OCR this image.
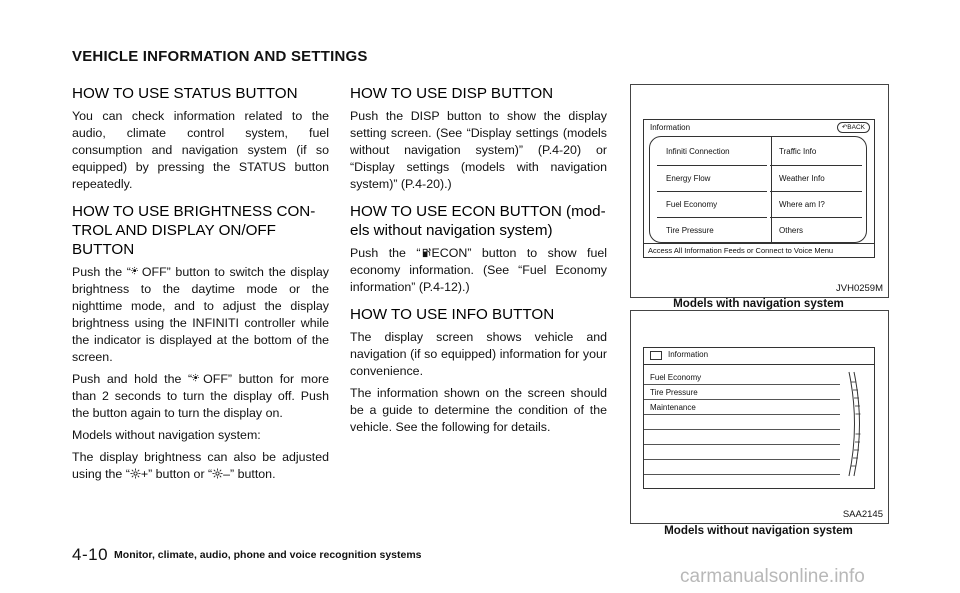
VEHICLE INFORMATION AND SETTINGS
HOW TO USE STATUS BUTTON

You can check information related to the audio, climate control system, fuel consumption and navigation system (if so equipped) by pressing the STATUS button repeatedly.

HOW TO USE BRIGHTNESS CON-
TROL AND DISPLAY ON/OFF BUTTON

Push the “ OFF” button to switch the display brightness to the daytime mode or the nighttime mode, and to adjust the display brightness using the INFINITI controller while the indicator is displayed at the bottom of the screen.

Push and hold the “ OFF” button for more than 2 seconds to turn the display off. Push the button again to turn the display on.

Models without navigation system:

The display brightness can also be adjusted using the “ +” button or “ –” button.

HOW TO USE DISP BUTTON

Push the DISP button to show the display setting screen. (See “Display settings (models without navigation system)” (P.4-20) or “Display settings (models with navigation system)” (P.4-20).)

HOW TO USE ECON BUTTON (mod-
els without navigation system)

Push the “ ECON” button to show fuel economy information. (See “Fuel Economy information” (P.4-12).)

HOW TO USE INFO BUTTON

The display screen shows vehicle and navigation (if so equipped) information for your convenience.

The information shown on the screen should be a guide to determine the condition of the vehicle. See the following for details.

Information	↶BACK
Infiniti Connection
Energy Flow
Fuel Economy
Tire Pressure
Traffic Info
Weather Info
Where am I?
Others
Access All Information Feeds or Connect to Voice Menu
JVH0259M
Models with navigation system
Information
Fuel Economy
Tire Pressure
Maintenance
SAA2145
Models without navigation system
4-10 Monitor, climate, audio, phone and voice recognition systems
carmanualsonline.info
